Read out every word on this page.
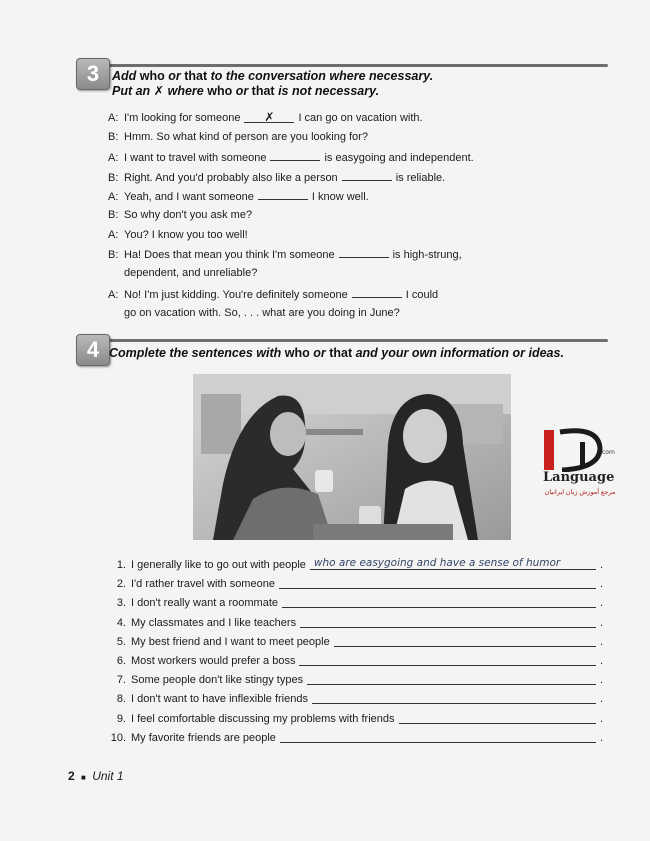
3	Add who or that to the conversation where necessary.
Put an ✗ where who or that is not necessary.
A: I'm looking for someone ✗ I can go on vacation with.
B: Hmm. So what kind of person are you looking for?
A: I want to travel with someone	is easygoing and independent.
B: Right. And you'd probably also like a person	is reliable.
A: Yeah, and I want someone	I know well.
B: So why don't you ask me?
A: You? I know you too well!
B: Ha! Does that mean you think I'm someone	is high-strung,
dependent, and unreliable?
A: No! I'm just kidding. You're definitely someone	I could
go on vacation with. So, . . . what are you doing in June?
4 Complete the sentences with who or that and your own information or ideas.
com
Language
مرجع آموزش زبان ایرانیان
1. I generally like to go out with people who are easygoing and have a sense of humor	.
2. I'd rather travel with someone	.
3. I don't really want a roommate	.
4. My classmates and I like teachers	.
5. My best friend and I want to meet people	.
6. Most workers would prefer a boss	.
7. Some people don't like stingy types	.
8. I don't want to have inflexible friends	.
9. I feel comfortable discussing my problems with friends	.
10. My favorite friends are people	.
2 ■ Unit 1
